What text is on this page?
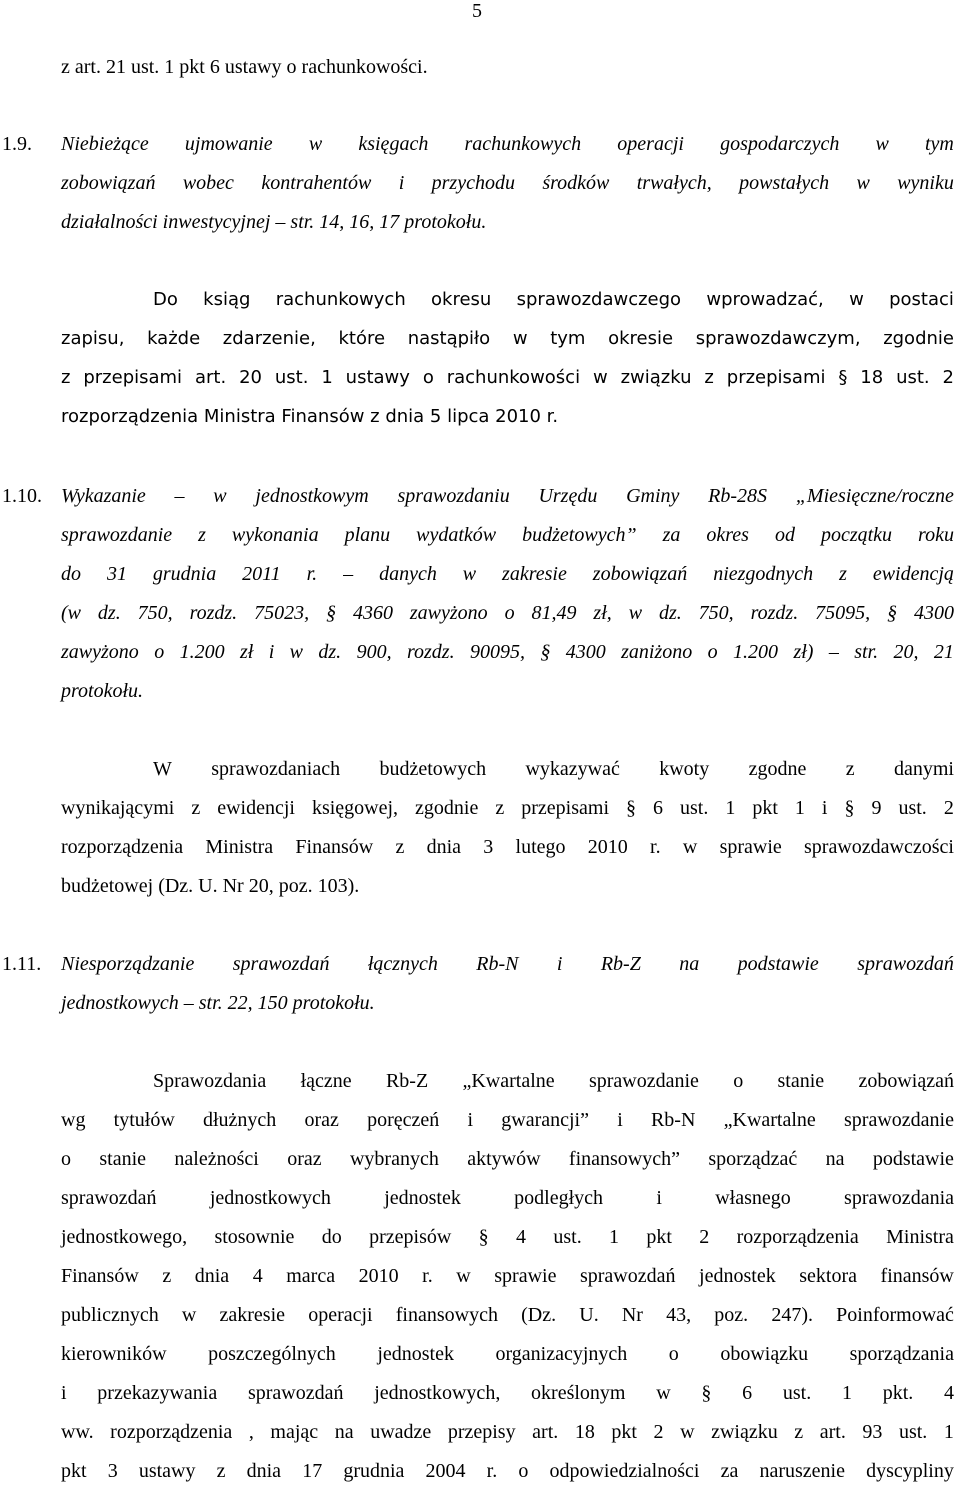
5
z art. 21 ust. 1 pkt 6 ustawy o rachunkowości.
1.9. Niebieżące ujmowanie w księgach rachunkowych operacji gospodarczych w tym
zobowiązań wobec kontrahentów i przychodu środków trwałych, powstałych w wyniku
działalności inwestycyjnej – str. 14, 16, 17 protokołu.
Do ksiąg rachunkowych okresu sprawozdawczego wprowadzać, w postaci
zapisu, każde zdarzenie, które nastąpiło w tym okresie sprawozdawczym, zgodnie
z przepisami art. 20 ust. 1 ustawy o rachunkowości w związku z przepisami § 18 ust. 2
rozporządzenia Ministra Finansów z dnia 5 lipca 2010 r.
1.10. Wykazanie – w jednostkowym sprawozdaniu Urzędu Gminy Rb-28S „Miesięczne/roczne
sprawozdanie z wykonania planu wydatków budżetowych” za okres od początku roku
do 31 grudnia 2011 r. – danych w zakresie zobowiązań niezgodnych z ewidencją
(w dz. 750, rozdz. 75023, § 4360 zawyżono o 81,49 zł, w dz. 750, rozdz. 75095, § 4300
zawyżono o 1.200 zł i w dz. 900, rozdz. 90095, § 4300 zaniżono o 1.200 zł) – str. 20, 21
protokołu.
W sprawozdaniach budżetowych wykazywać kwoty zgodne z danymi
wynikającymi z ewidencji księgowej, zgodnie z przepisami § 6 ust. 1 pkt 1 i § 9 ust. 2
rozporządzenia Ministra Finansów z dnia 3 lutego 2010 r. w sprawie sprawozdawczości
budżetowej (Dz. U. Nr 20, poz. 103).
1.11. Niesporządzanie sprawozdań łącznych Rb-N i Rb-Z na podstawie sprawozdań
jednostkowych – str. 22, 150 protokołu.
Sprawozdania łączne Rb-Z „Kwartalne sprawozdanie o stanie zobowiązań
wg tytułów dłużnych oraz poręczeń i gwarancji” i Rb-N „Kwartalne sprawozdanie
o stanie należności oraz wybranych aktywów finansowych” sporządzać na podstawie
sprawozdań	jednostkowych	jednostek	podległych	i	własnego	sprawozdania
jednostkowego, stosownie do przepisów § 4 ust. 1 pkt 2 rozporządzenia Ministra
Finansów z dnia 4 marca 2010 r. w sprawie sprawozdań jednostek sektora finansów
publicznych w zakresie operacji finansowych (Dz. U. Nr 43, poz. 247). Poinformować
kierowników poszczególnych jednostek organizacyjnych o obowiązku sporządzania
i przekazywania sprawozdań jednostkowych, określonym w § 6 ust. 1 pkt. 4
ww. rozporządzenia , mając na uwadze przepisy art. 18 pkt 2 w związku z art. 93 ust. 1
pkt 3 ustawy z dnia 17 grudnia 2004 r. o odpowiedzialności za naruszenie dyscypliny
